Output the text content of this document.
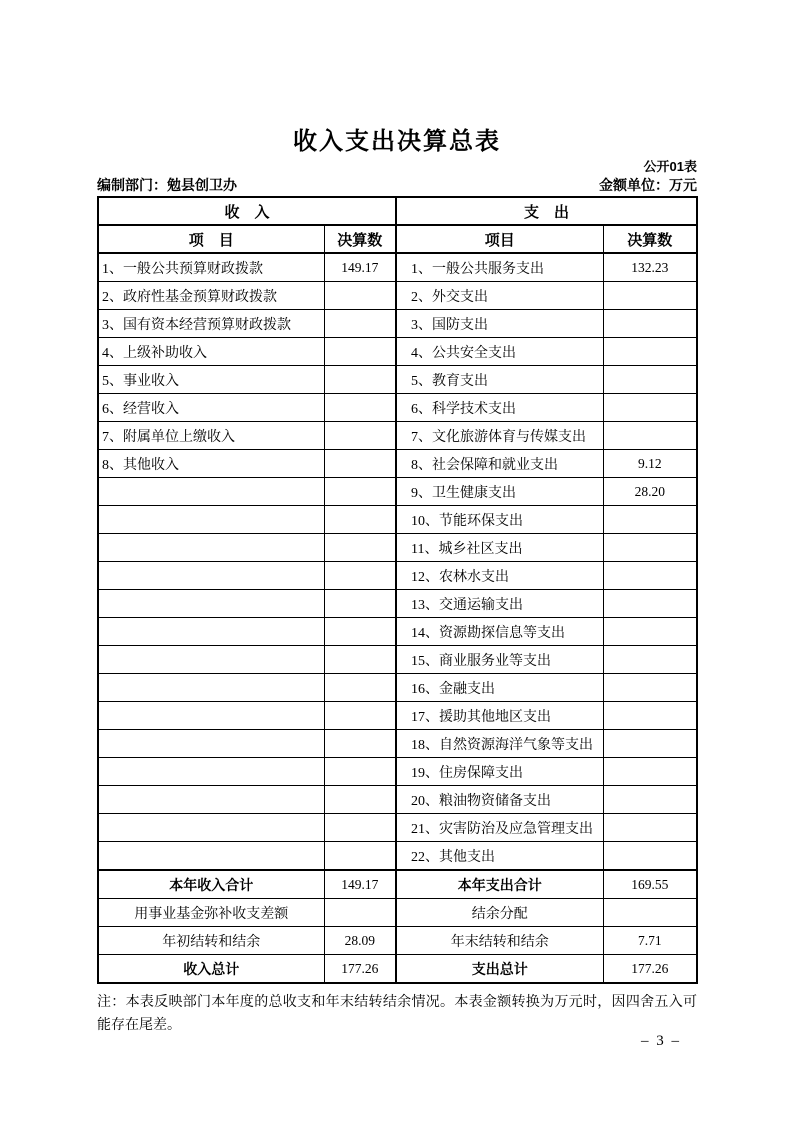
收入支出决算总表
公开01表
编制部门：勉县创卫办	金额单位：万元
收　入		支　出	
项　目	决算数	项目	决算数
1、一般公共预算财政拨款	149.17	1、一般公共服务支出	132.23
2、政府性基金预算财政拨款		2、外交支出	
3、国有资本经营预算财政拨款		3、国防支出	
4、上级补助收入		4、公共安全支出	
5、事业收入		5、教育支出	
6、经营收入		6、科学技术支出	
7、附属单位上缴收入		7、文化旅游体育与传媒支出	
8、其他收入		8、社会保障和就业支出	9.12
		9、卫生健康支出	28.20
		10、节能环保支出	
		11、城乡社区支出	
		12、农林水支出	
		13、交通运输支出	
		14、资源勘探信息等支出	
		15、商业服务业等支出	
		16、金融支出	
		17、援助其他地区支出	
		18、自然资源海洋气象等支出	
		19、住房保障支出	
		20、粮油物资储备支出	
		21、灾害防治及应急管理支出	
		22、其他支出	
本年收入合计	149.17	本年支出合计	169.55
用事业基金弥补收支差额		结余分配	
年初结转和结余	28.09	年末结转和结余	7.71
收入总计	177.26	支出总计	177.26

注：本表反映部门本年度的总收支和年末结转结余情况。本表金额转换为万元时，因四舍五入可能存在尾差。

– 3 –
